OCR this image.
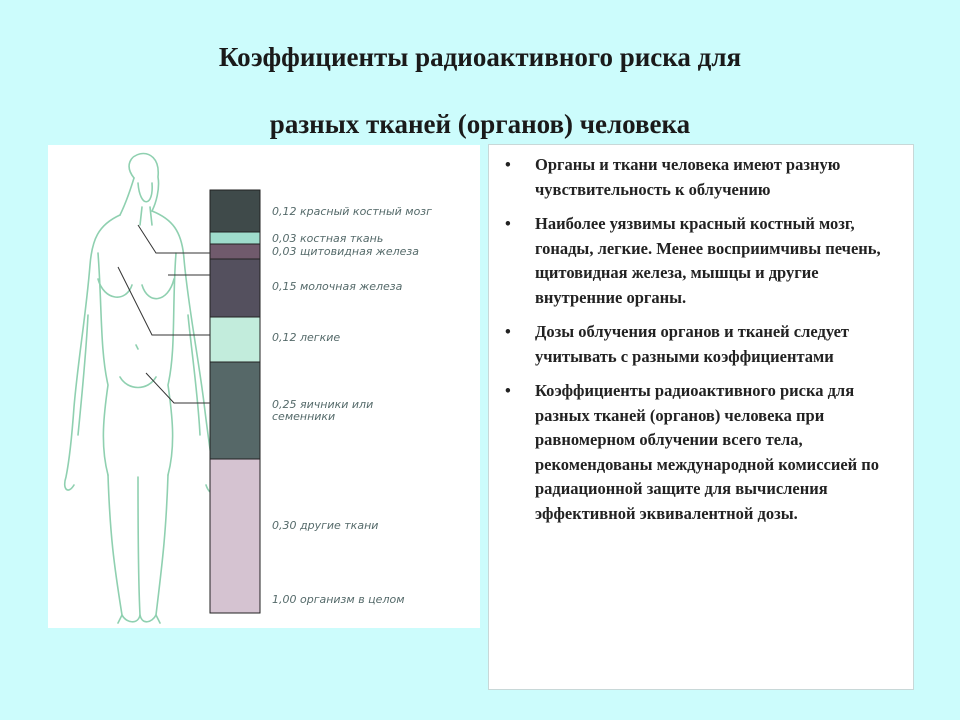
Коэффициенты радиоактивного риска для
разных тканей (органов) человека
0,12 красный костный мозг
0,03 костная ткань
0,03 щитовидная железа
0,15 молочная железа
0,12 легкие
0,25 яичники или семенники
0,30 другие ткани
1,00 организм в целом
• Органы и ткани человека имеют разную чувствительность к облучению
• Наиболее уязвимы красный костный мозг, гонады, легкие. Менее восприимчивы печень, щитовидная железа, мышцы и другие внутренние органы.
• Дозы облучения органов и тканей следует учитывать с разными коэффициентами
• Коэффициенты радиоактивного риска для разных тканей (органов) человека при равномерном облучении всего тела, рекомендованы международной комиссией по радиационной защите для вычисления эффективной эквивалентной дозы.
